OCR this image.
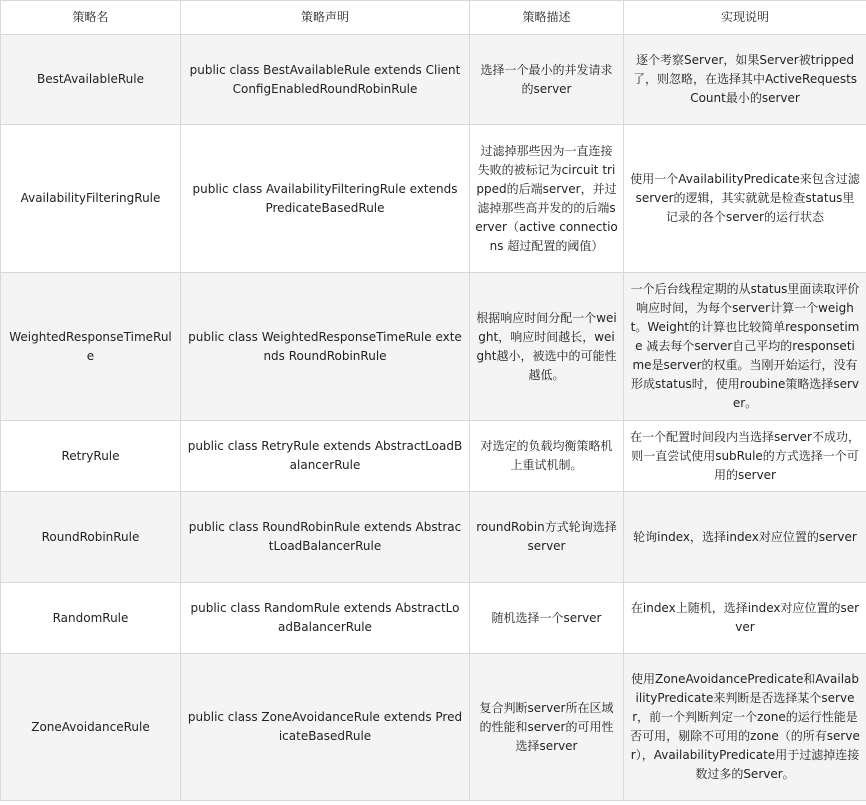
策略名	策略声明	策略描述	实现说明
BestAvailableRule	public class BestAvailableRule extends ClientConfigEnabledRoundRobinRule	选择一个最小的并发请求的server	逐个考察Server，如果Server被tripped了，则忽略，在选择其中ActiveRequestsCount最小的server
AvailabilityFilteringRule	public class AvailabilityFilteringRule extends PredicateBasedRule	过滤掉那些因为一直连接失败的被标记为circuit tripped的后端server，并过滤掉那些高并发的的后端server（active connections 超过配置的阈值）	使用一个AvailabilityPredicate来包含过滤server的逻辑，其实就就是检查status里记录的各个server的运行状态
WeightedResponseTimeRule	public class WeightedResponseTimeRule extends RoundRobinRule	根据响应时间分配一个weight，响应时间越长，weight越小，被选中的可能性越低。	一个后台线程定期的从status里面读取评价响应时间，为每个server计算一个weight。Weight的计算也比较简单responsetime 减去每个server自己平均的responsetime是server的权重。当刚开始运行，没有形成status时，使用roubine策略选择server。
RetryRule	public class RetryRule extends AbstractLoadBalancerRule	对选定的负载均衡策略机上重试机制。	在一个配置时间段内当选择server不成功，则一直尝试使用subRule的方式选择一个可用的server
RoundRobinRule	public class RoundRobinRule extends AbstractLoadBalancerRule	roundRobin方式轮询选择server	轮询index，选择index对应位置的server
RandomRule	public class RandomRule extends AbstractLoadBalancerRule	随机选择一个server	在index上随机，选择index对应位置的server
ZoneAvoidanceRule	public class ZoneAvoidanceRule extends PredicateBasedRule	复合判断server所在区域的性能和server的可用性选择server	使用ZoneAvoidancePredicate和AvailabilityPredicate来判断是否选择某个server，前一个判断判定一个zone的运行性能是否可用，剔除不可用的zone（的所有server），AvailabilityPredicate用于过滤掉连接数过多的Server。
